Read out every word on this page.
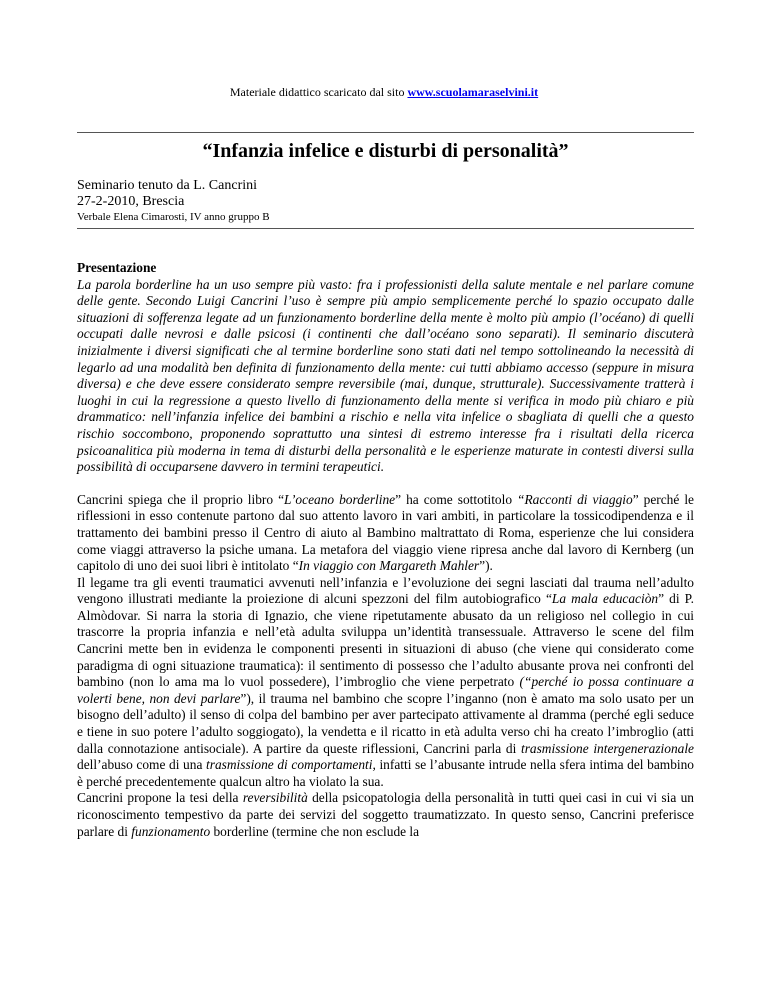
Materiale didattico scaricato dal sito www.scuolamaraselvini.it
“Infanzia infelice e disturbi di personalità”

Seminario tenuto da L. Cancrini

27-2-2010, Brescia

Verbale Elena Cimarosti, IV anno gruppo B

Presentazione

La parola borderline ha un uso sempre più vasto: fra i professionisti della salute mentale e nel parlare comune delle gente. Secondo Luigi Cancrini l’uso è sempre più ampio semplicemente perché lo spazio occupato dalle situazioni di sofferenza legate ad un funzionamento borderline della mente è molto più ampio (l’océano) di quelli occupati dalle nevrosi e dalle psicosi (i continenti che dall’océano sono separati). Il seminario discuterà inizialmente i diversi significati che al termine borderline sono stati dati nel tempo sottolineando la necessità di legarlo ad una modalità ben definita di funzionamento della mente: cui tutti abbiamo accesso (seppure in misura diversa) e che deve essere considerato sempre reversibile (mai, dunque, strutturale). Successivamente tratterà i luoghi in cui la regressione a questo livello di funzionamento della mente si verifica in modo più chiaro e più drammatico: nell’infanzia infelice dei bambini a rischio e nella vita infelice o sbagliata di quelli che a questo rischio soccombono, proponendo soprattutto una sintesi di estremo interesse fra i risultati della ricerca psicoanalitica più moderna in tema di disturbi della personalità e le esperienze maturate in contesti diversi sulla possibilità di occuparsene davvero in termini terapeutici.

Cancrini spiega che il proprio libro “L’oceano borderline” ha come sottotitolo “Racconti di viaggio” perché le riflessioni in esso contenute partono dal suo attento lavoro in vari ambiti, in particolare la tossicodipendenza e il trattamento dei bambini presso il Centro di aiuto al Bambino maltrattato di Roma, esperienze che lui considera come viaggi attraverso la psiche umana. La metafora del viaggio viene ripresa anche dal lavoro di Kernberg (un capitolo di uno dei suoi libri è intitolato “In viaggio con Margareth Mahler”).

Il legame tra gli eventi traumatici avvenuti nell’infanzia e l’evoluzione dei segni lasciati dal trauma nell’adulto vengono illustrati mediante la proiezione di alcuni spezzoni del film autobiografico “La mala educaciòn” di P. Almòdovar. Si narra la storia di Ignazio, che viene ripetutamente abusato da un religioso nel collegio in cui trascorre la propria infanzia e nell’età adulta sviluppa un’identità transessuale. Attraverso le scene del film Cancrini mette ben in evidenza le componenti presenti in situazioni di abuso (che viene qui considerato come paradigma di ogni situazione traumatica): il sentimento di possesso che l’adulto abusante prova nei confronti del bambino (non lo ama ma lo vuol possedere), l’imbroglio che viene perpetrato (“perché io possa continuare a volerti bene, non devi parlare”), il trauma nel bambino che scopre l’inganno (non è amato ma solo usato per un bisogno dell’adulto) il senso di colpa del bambino per aver partecipato attivamente al dramma (perché egli seduce e tiene in suo potere l’adulto soggiogato), la vendetta e il ricatto in età adulta verso chi ha creato l’imbroglio (atti dalla connotazione antisociale). A partire da queste riflessioni, Cancrini parla di trasmissione intergenerazionale dell’abuso come di una trasmissione di comportamenti, infatti se l’abusante intrude nella sfera intima del bambino è perché precedentemente qualcun altro ha violato la sua.

Cancrini propone la tesi della reversibilità della psicopatologia della personalità in tutti quei casi in cui vi sia un riconoscimento tempestivo da parte dei servizi del soggetto traumatizzato. In questo senso, Cancrini preferisce parlare di funzionamento borderline (termine che non esclude la
